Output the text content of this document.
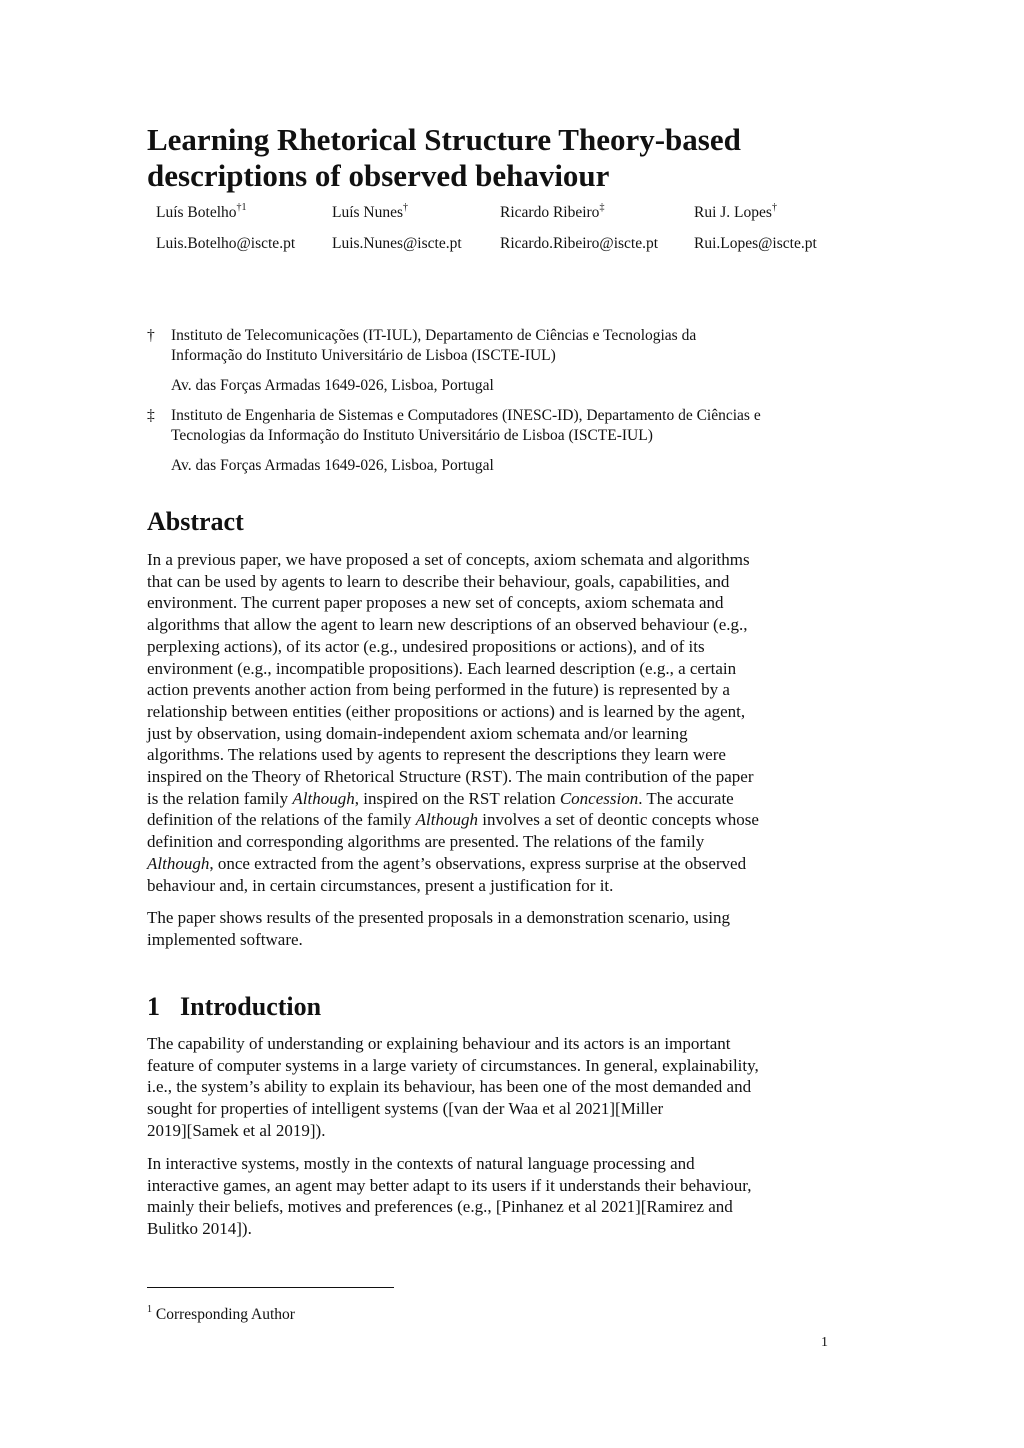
Learning Rhetorical Structure Theory-based
descriptions of observed behaviour
Luís Botelho$^{\dagger 1}$
Luis.Botelho@iscte.pt
Luís Nunes†
Luis.Nunes@iscte.pt
Ricardo Ribeiro‡
Ricardo.Ribeiro@iscte.pt
Rui J. Lopes†
Rui.Lopes@iscte.pt
† Instituto de Telecomunicações (IT-IUL), Departamento de Ciências e Tecnologias da
Informação do Instituto Universitário de Lisboa (ISCTE-IUL)
Av. das Forças Armadas 1649-026, Lisboa, Portugal
‡ Instituto de Engenharia de Sistemas e Computadores (INESC-ID), Departamento de Ciências e
Tecnologias da Informação do Instituto Universitário de Lisboa (ISCTE-IUL)
Av. das Forças Armadas 1649-026, Lisboa, Portugal
Abstract
In a previous paper, we have proposed a set of concepts, axiom schemata and algorithms
that can be used by agents to learn to describe their behaviour, goals, capabilities, and
environment. The current paper proposes a new set of concepts, axiom schemata and
algorithms that allow the agent to learn new descriptions of an observed behaviour (e.g.,
perplexing actions), of its actor (e.g., undesired propositions or actions), and of its
environment (e.g., incompatible propositions). Each learned description (e.g., a certain
action prevents another action from being performed in the future) is represented by a
relationship between entities (either propositions or actions) and is learned by the agent,
just by observation, using domain-independent axiom schemata and/or learning
algorithms. The relations used by agents to represent the descriptions they learn were
inspired on the Theory of Rhetorical Structure (RST). The main contribution of the paper
is the relation family Although, inspired on the RST relation Concession. The accurate
definition of the relations of the family Although involves a set of deontic concepts whose
definition and corresponding algorithms are presented. The relations of the family
Although, once extracted from the agent’s observations, express surprise at the observed
behaviour and, in certain circumstances, present a justification for it.
The paper shows results of the presented proposals in a demonstration scenario, using
implemented software.
1 Introduction
The capability of understanding or explaining behaviour and its actors is an important
feature of computer systems in a large variety of circumstances. In general, explainability,
i.e., the system’s ability to explain its behaviour, has been one of the most demanded and
sought for properties of intelligent systems ([van der Waa et al 2021][Miller
2019][Samek et al 2019]).
In interactive systems, mostly in the contexts of natural language processing and
interactive games, an agent may better adapt to its users if it understands their behaviour,
mainly their beliefs, motives and preferences (e.g., [Pinhanez et al 2021][Ramirez and
Bulitko 2014]).
$^1$ Corresponding Author
1
